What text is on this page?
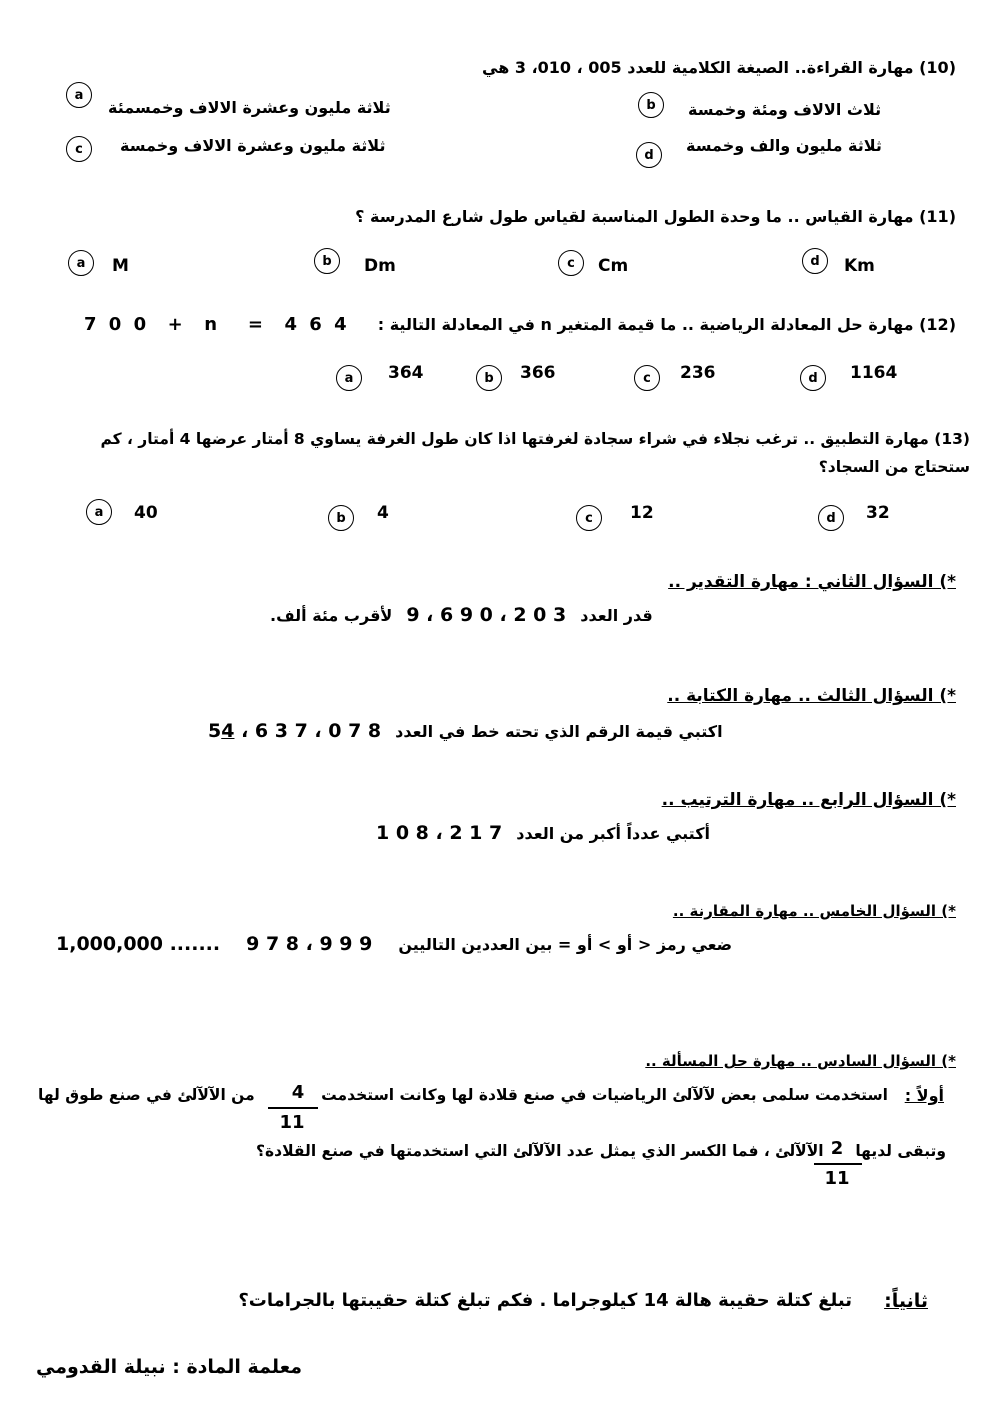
(10) مهارة القراءة.. الصيغة الكلامية للعدد 005 ، 010، 3 هي
a
ثلاثة مليون وعشرة الالاف وخمسمئة	b	ثلاث الالاف ومئة وخمسة
c	ثلاثة مليون وعشرة الالاف وخمسة	d	ثلاثة مليون والف وخمسة
(11) مهارة القياس .. ما وحدة الطول المناسبة لقياس طول شارع المدرسة ؟
a	M	b	Dm	c	Cm	d	Km
(12) مهارة حل المعادلة الرياضية .. ما قيمة المتغير n في المعادلة التالية :
7 0 0  +  n   =  4 6 4
a	364	b	366	c	236	d	1164
(13) مهارة التطبيق .. ترغب نجلاء في شراء سجادة لغرفتها اذا كان طول الغرفة يساوي 8 أمتار عرضها 4 أمتار ، كم
ستحتاج من السجاد؟
a	40	b	4	c	12	d	32
*) السؤال الثاني : مهارة التقدير ..
قدر العدد
9 ، 6 9 0 ، 2 0 3
لأقرب مئة ألف.
*) السؤال الثالث .. مهارة الكتابة ..
اكتبي قيمة الرقم الذي تحته خط في العدد
54 ، 6 3 7 ، 0 7 8
*) السؤال الرابع .. مهارة الترتيب ..
أكتبي عدداً أكبر من العدد
1 0 8 ، 2 1 7
*) السؤال الخامس .. مهارة المقارنة ..
ضعي رمز < أو > أو = بين العددين التاليين
9 7 8 ، 9 9 9
1,000,000 .......
*) السؤال السادس .. مهارة حل المسألة ..
أولاً :
استخدمت سلمى بعض لآلآلئ الرياضيات في صنع قلادة لها وكانت استخدمت
4
11
من الآلآلئ في صنع طوق لها
وتبقى لديها
2
11
الآلآلئ ، فما الكسر الذي يمثل عدد الآلآلئ التي استخدمتها في صنع القلادة؟
ثانياً:
تبلغ كتلة حقيبة هالة 14 كيلوجراما . فكم تبلغ كتلة حقيبتها بالجرامات؟
معلمة المادة : نبيلة القدومي
